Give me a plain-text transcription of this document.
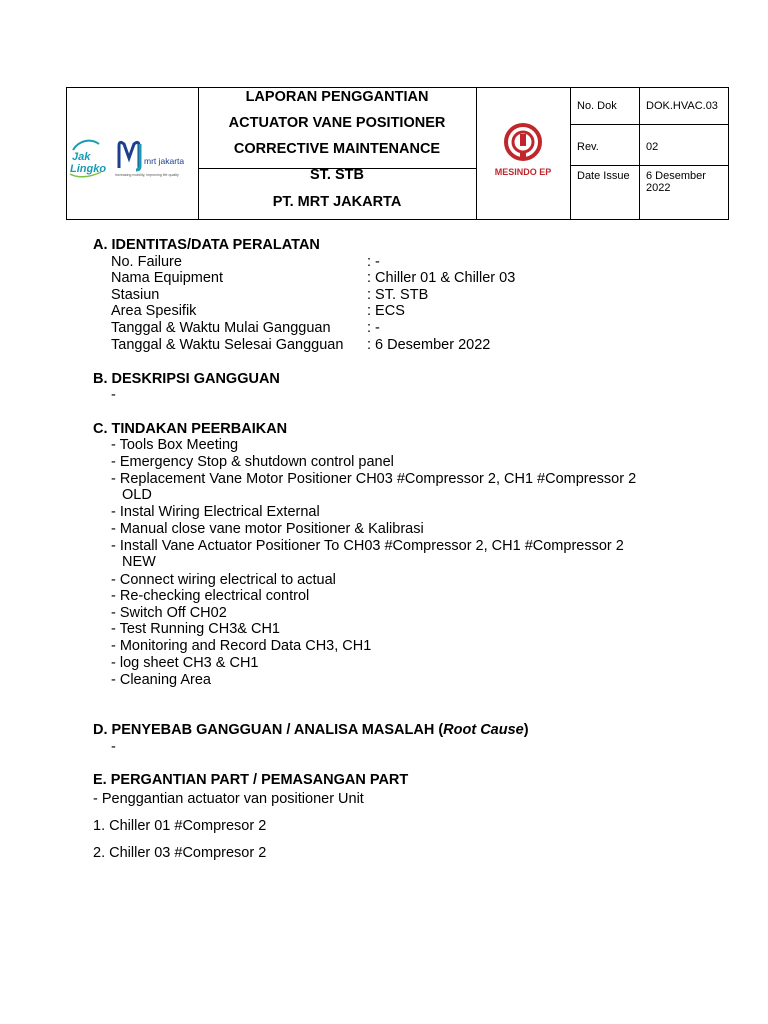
Jak
Lingko
mrt jakarta
increasing mobility, improving life quality
LAPORAN PENGGANTIAN
ACTUATOR VANE POSITIONER
CORRECTIVE MAINTENANCE
ST. STB
PT. MRT JAKARTA
MESINDO EP
No. Dok	DOK.HVAC.03
Rev.	02
Date Issue 6 Desember
2022
A. IDENTITAS/DATA PERALATAN
No. Failure	: -
Nama Equipment	: Chiller 01 & Chiller 03
Stasiun	: ST. STB
Area Spesifik	: ECS
Tanggal & Waktu Mulai Gangguan	: -
Tanggal & Waktu Selesai Gangguan : 6 Desember 2022
B. DESKRIPSI GANGGUAN
-
C. TINDAKAN PEERBAIKAN
- Tools Box Meeting
- Emergency Stop & shutdown control panel
- Replacement Vane Motor Positioner CH03 #Compressor 2, CH1 #Compressor 2
OLD
- Instal Wiring Electrical External
- Manual close vane motor Positioner & Kalibrasi
- Install Vane Actuator Positioner To CH03 #Compressor 2, CH1 #Compressor 2
NEW
- Connect wiring electrical to actual
- Re-checking electrical control
- Switch Off CH02
- Test Running CH3& CH1
- Monitoring and Record Data CH3, CH1
- log sheet CH3 & CH1
- Cleaning Area
D. PENYEBAB GANGGUAN / ANALISA MASALAH (Root Cause)
-
E. PERGANTIAN PART / PEMASANGAN PART
- Penggantian actuator van positioner Unit
1. Chiller 01 #Compresor 2
2. Chiller 03 #Compresor 2
